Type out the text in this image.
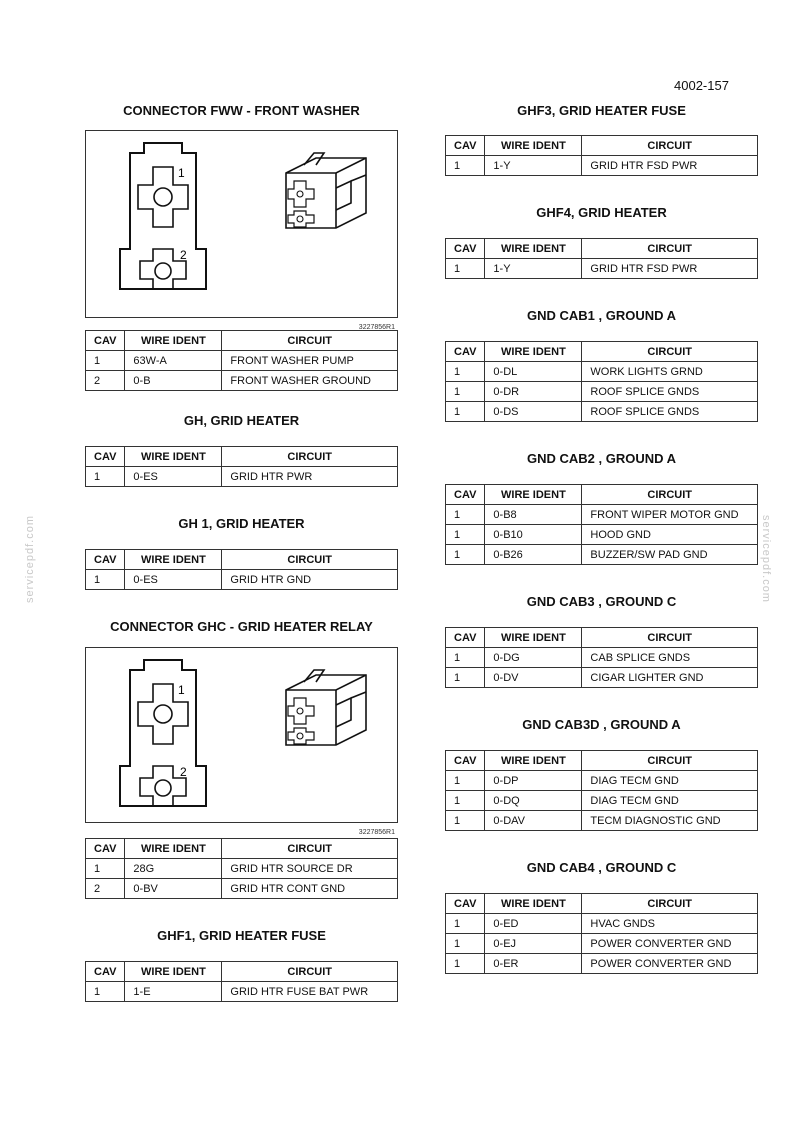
4002-157
servicepdf.com	servicepdf.com
CONNECTOR FWW - FRONT WASHER
1
2
3227856R1
CAV	WIRE IDENT	CIRCUIT
1	63W-A	FRONT WASHER PUMP
2	0-B	FRONT WASHER GROUND
GH, GRID HEATER
CAV	WIRE IDENT	CIRCUIT
1	0-ES	GRID HTR PWR
GH 1, GRID HEATER
CAV	WIRE IDENT	CIRCUIT
1	0-ES	GRID HTR GND
CONNECTOR GHC - GRID HEATER RELAY
1
2
3227856R1
CAV	WIRE IDENT	CIRCUIT
1	28G	GRID HTR SOURCE DR
2	0-BV	GRID HTR CONT GND
GHF1, GRID HEATER FUSE
CAV	WIRE IDENT	CIRCUIT
1	1-E	GRID HTR FUSE BAT PWR
GHF3, GRID HEATER FUSE
CAV	WIRE IDENT	CIRCUIT
1	1-Y	GRID HTR FSD PWR
GHF4, GRID HEATER
CAV	WIRE IDENT	CIRCUIT
1	1-Y	GRID HTR FSD PWR
GND CAB1 , GROUND A
CAV	WIRE IDENT	CIRCUIT
1	0-DL	WORK LIGHTS GRND
1	0-DR	ROOF SPLICE GNDS
1	0-DS	ROOF SPLICE GNDS
GND CAB2 , GROUND A
CAV	WIRE IDENT	CIRCUIT
1	0-B8	FRONT WIPER MOTOR GND
1	0-B10	HOOD GND
1	0-B26	BUZZER/SW PAD GND
GND CAB3 , GROUND C
CAV	WIRE IDENT	CIRCUIT
1	0-DG	CAB SPLICE GNDS
1	0-DV	CIGAR LIGHTER GND
GND CAB3D , GROUND A
CAV	WIRE IDENT	CIRCUIT
1	0-DP	DIAG TECM GND
1	0-DQ	DIAG TECM GND
1	0-DAV	TECM DIAGNOSTIC GND
GND CAB4 , GROUND C
CAV	WIRE IDENT	CIRCUIT
1	0-ED	HVAC GNDS
1	0-EJ	POWER CONVERTER GND
1	0-ER	POWER CONVERTER GND
